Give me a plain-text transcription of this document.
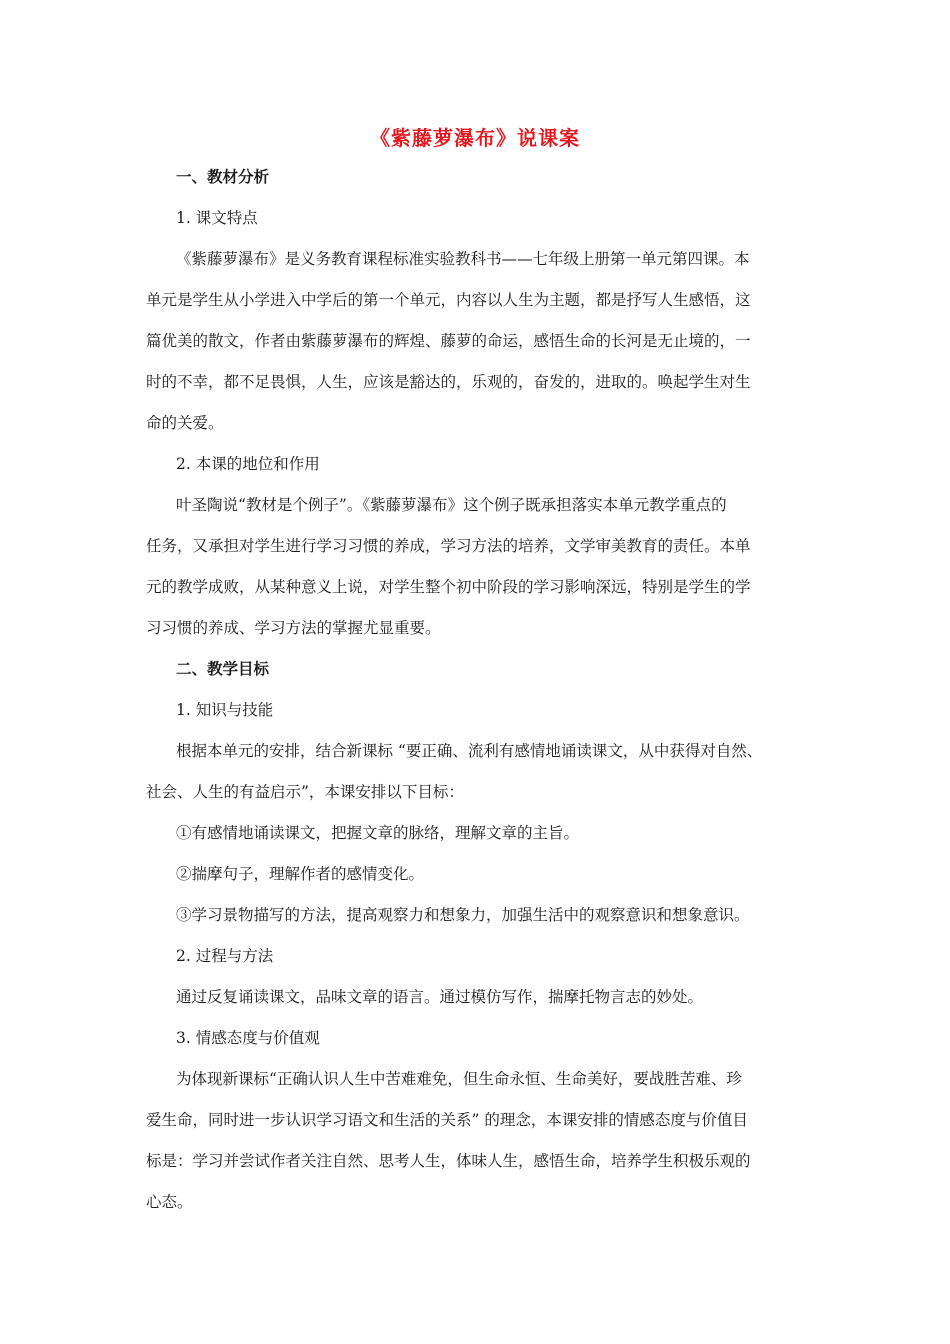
《紫藤萝瀑布》说课案
一、教材分析
1. 课文特点
《紫藤萝瀑布》是义务教育课程标准实验教科书——七年级上册第一单元第四课。本
单元是学生从小学进入中学后的第一个单元，内容以人生为主题，都是抒写人生感悟，这
篇优美的散文，作者由紫藤萝瀑布的辉煌、藤萝的命运，感悟生命的长河是无止境的，一
时的不幸，都不足畏惧，人生，应该是豁达的，乐观的，奋发的，进取的。唤起学生对生
命的关爱。
2. 本课的地位和作用
叶圣陶说“教材是个例子”。《紫藤萝瀑布》这个例子既承担落实本单元教学重点的
任务，又承担对学生进行学习习惯的养成，学习方法的培养，文学审美教育的责任。本单
元的教学成败，从某种意义上说，对学生整个初中阶段的学习影响深远，特别是学生的学
习习惯的养成、学习方法的掌握尤显重要。
二、教学目标
1. 知识与技能
根据本单元的安排，结合新课标 “要正确、流利有感情地诵读课文，从中获得对自然、
社会、人生的有益启示”，本课安排以下目标：
①有感情地诵读课文，把握文章的脉络，理解文章的主旨。
②揣摩句子，理解作者的感情变化。
③学习景物描写的方法，提高观察力和想象力，加强生活中的观察意识和想象意识。
2. 过程与方法
通过反复诵读课文，品味文章的语言。通过模仿写作，揣摩托物言志的妙处。
3. 情感态度与价值观
为体现新课标“正确认识人生中苦难难免，但生命永恒、生命美好，要战胜苦难、珍
爱生命，同时进一步认识学习语文和生活的关系” 的理念，本课安排的情感态度与价值目
标是：学习并尝试作者关注自然、思考人生，体味人生，感悟生命，培养学生积极乐观的
心态。
